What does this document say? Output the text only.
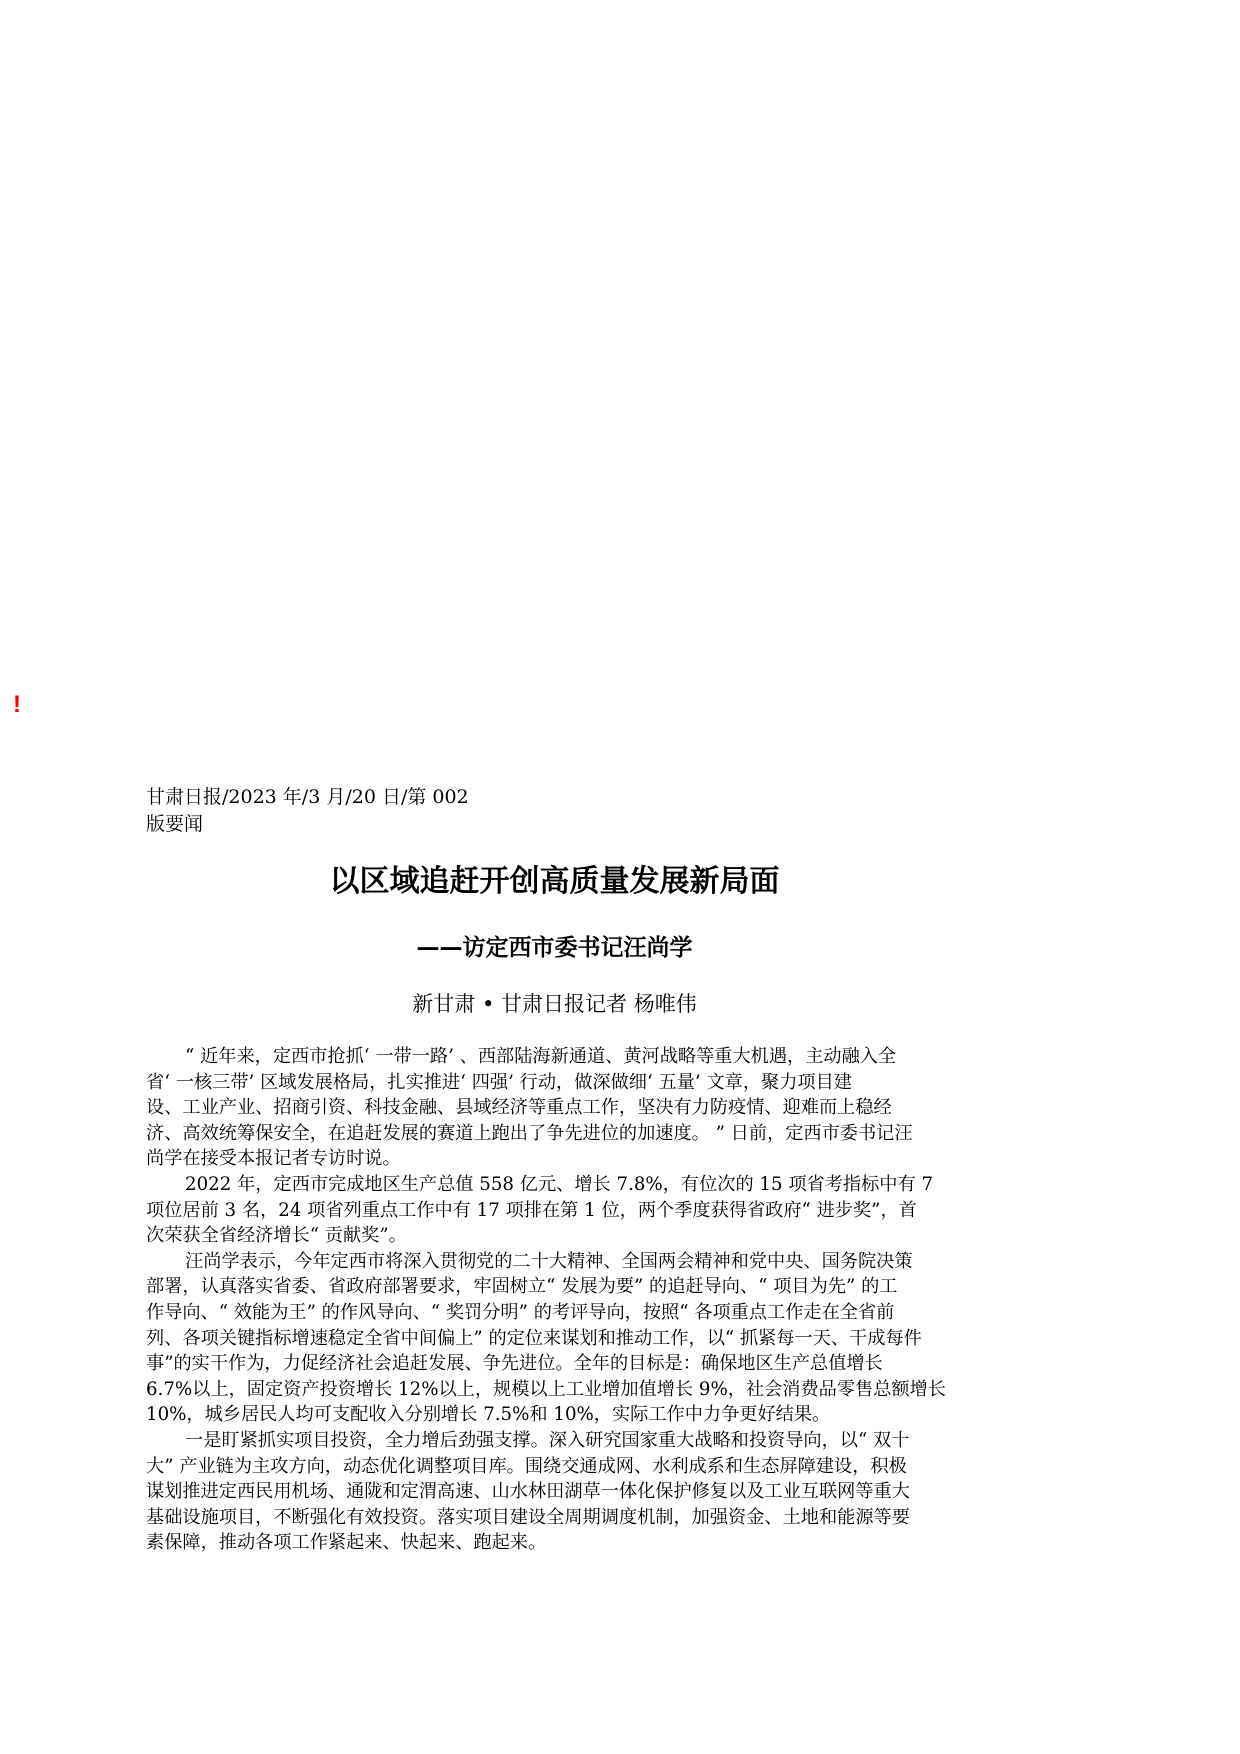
!
甘肃日报/2023 年/3 月/20 日/第 002
版要闻
以区域追赶开创高质量发展新局面
——访定西市委书记汪尚学
新甘肃 • 甘肃日报记者 杨唯伟
“ 近年来，定西市抢抓‘ 一带一路’ 、西部陆海新通道、黄河战略等重大机遇，主动融入全
省‘ 一核三带’ 区域发展格局，扎实推进‘ 四强’ 行动，做深做细‘ 五量’ 文章，聚力项目建
设、工业产业、招商引资、科技金融、县域经济等重点工作，坚决有力防疫情、迎难而上稳经
济、高效统筹保安全，在追赶发展的赛道上跑出了争先进位的加速度。 ” 日前，定西市委书记汪
尚学在接受本报记者专访时说。
2022 年，定西市完成地区生产总值 558 亿元、增长 7.8%，有位次的 15 项省考指标中有 7
项位居前 3 名，24 项省列重点工作中有 17 项排在第 1 位，两个季度获得省政府“ 进步奖”，首
次荣获全省经济增长“ 贡献奖”。
汪尚学表示，今年定西市将深入贯彻党的二十大精神、全国两会精神和党中央、国务院决策
部署，认真落实省委、省政府部署要求，牢固树立“ 发展为要” 的追赶导向、“ 项目为先” 的工
作导向、“ 效能为王” 的作风导向、“ 奖罚分明” 的考评导向，按照“ 各项重点工作走在全省前
列、各项关键指标增速稳定全省中间偏上” 的定位来谋划和推动工作，以“ 抓紧每一天、干成每件
事”的实干作为，力促经济社会追赶发展、争先进位。全年的目标是：确保地区生产总值增长
6.7%以上，固定资产投资增长 12%以上，规模以上工业增加值增长 9%，社会消费品零售总额增长
10%，城乡居民人均可支配收入分别增长 7.5%和 10%，实际工作中力争更好结果。
一是盯紧抓实项目投资，全力增后劲强支撑。深入研究国家重大战略和投资导向，以“ 双十
大” 产业链为主攻方向，动态优化调整项目库。围绕交通成网、水利成系和生态屏障建设，积极
谋划推进定西民用机场、通陇和定渭高速、山水林田湖草一体化保护修复以及工业互联网等重大
基础设施项目，不断强化有效投资。落实项目建设全周期调度机制，加强资金、土地和能源等要
素保障，推动各项工作紧起来、快起来、跑起来。
